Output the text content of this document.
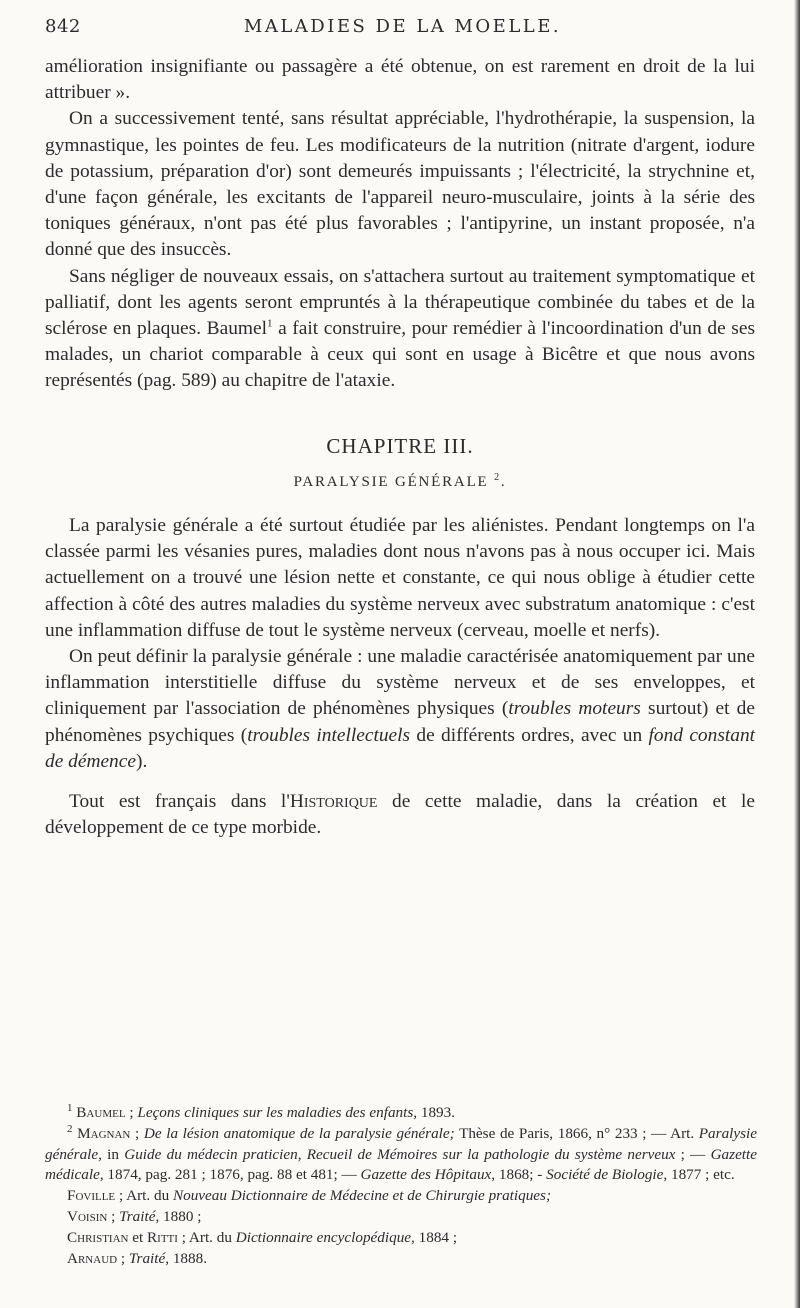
842	MALADIES DE LA MOELLE.

amélioration insignifiante ou passagère a été obtenue, on est rarement en droit de la lui attribuer ».

On a successivement tenté, sans résultat appréciable, l'hydrothérapie, la suspension, la gymnastique, les pointes de feu. Les modificateurs de la nutrition (nitrate d'argent, iodure de potassium, préparation d'or) sont demeurés impuissants ; l'électricité, la strychnine et, d'une façon générale, les excitants de l'appareil neuro-musculaire, joints à la série des toniques généraux, n'ont pas été plus favorables ; l'antipyrine, un instant proposée, n'a donné que des insuccès.

Sans négliger de nouveaux essais, on s'attachera surtout au traitement symptomatique et palliatif, dont les agents seront empruntés à la thérapeutique combinée du tabes et de la sclérose en plaques. Baumel$^1$ a fait construire, pour remédier à l'incoordination d'un de ses malades, un chariot comparable à ceux qui sont en usage à Bicêtre et que nous avons représentés (pag. 589) au chapitre de l'ataxie.

CHAPITRE III.
PARALYSIE GÉNÉRALE $^2$.

La paralysie générale a été surtout étudiée par les aliénistes. Pendant longtemps on l'a classée parmi les vésanies pures, maladies dont nous n'avons pas à nous occuper ici. Mais actuellement on a trouvé une lésion nette et constante, ce qui nous oblige à étudier cette affection à côté des autres maladies du système nerveux avec substratum anatomique : c'est une inflammation diffuse de tout le système nerveux (cerveau, moelle et nerfs).

On peut définir la paralysie générale : une maladie caractérisée anatomiquement par une inflammation interstitielle diffuse du système nerveux et de ses enveloppes, et cliniquement par l'association de phénomènes physiques (troubles moteurs surtout) et de phénomènes psychiques (troubles intellectuels de différents ordres, avec un fond constant de démence).

Tout est français dans l'Historique de cette maladie, dans la création et le développement de ce type morbide.

$^1$ Baumel ; Leçons cliniques sur les maladies des enfants, 1893.

$^2$ Magnan ; De la lésion anatomique de la paralysie générale; Thèse de Paris, 1866, n° 233 ; — Art. Paralysie générale, in Guide du médecin praticien, Recueil de Mémoires sur la pathologie du système nerveux ; — Gazette médicale, 1874, pag. 281 ; 1876, pag. 88 et 481; — Gazette des Hôpitaux, 1868; - Société de Biologie, 1877 ; etc.

Foville ; Art. du Nouveau Dictionnaire de Médecine et de Chirurgie pratiques;

Voisin ; Traité, 1880 ;

Christian et Ritti ; Art. du Dictionnaire encyclopédique, 1884 ;

Arnaud ; Traité, 1888.
